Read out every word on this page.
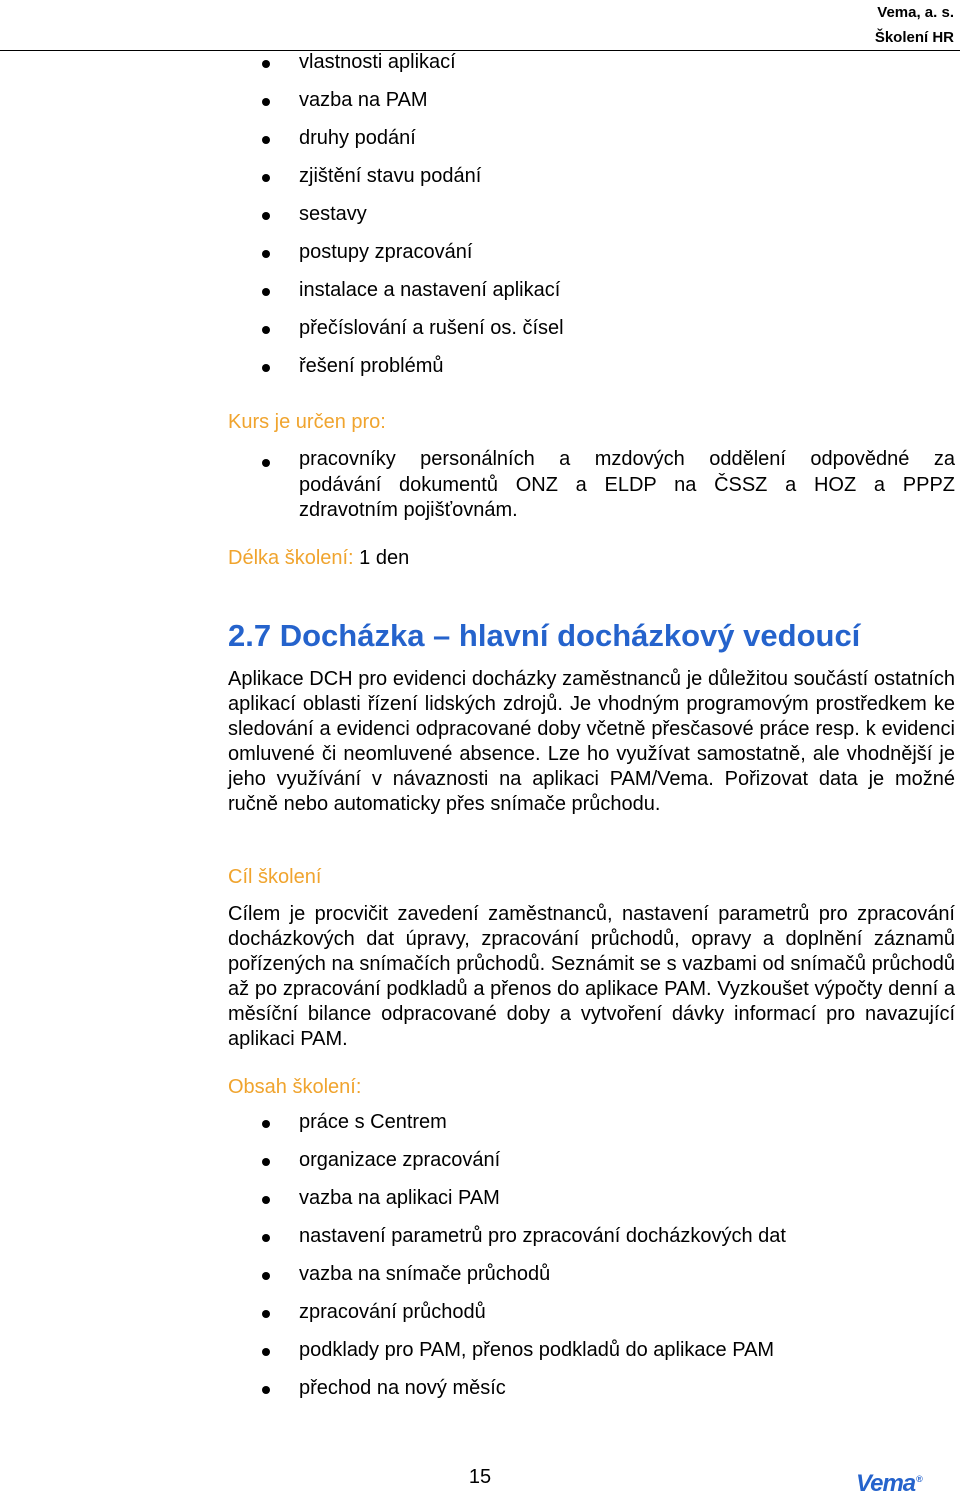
Vema, a. s.
Školení HR
vlastnosti aplikací
vazba na PAM
druhy podání
zjištění stavu podání
sestavy
postupy zpracování
instalace a nastavení aplikací
přečíslování a rušení os. čísel
řešení problémů
Kurs je určen pro:
pracovníky personálních a mzdových oddělení odpovědné za
podávání dokumentů ONZ a ELDP na ČSSZ a HOZ a PPPZ
zdravotním pojišťovnám.
Délka školení: 1 den
2.7 Docházka – hlavní docházkový vedoucí
Aplikace DCH pro evidenci docházky zaměstnanců je důležitou součástí ostatních aplikací oblasti řízení lidských zdrojů. Je vhodným programovým prostředkem ke sledování a evidenci odpracované doby včetně přesčasové práce resp. k evidenci omluvené či neomluvené absence. Lze ho využívat samostatně, ale vhodnější je jeho využívání v návaznosti na aplikaci PAM/Vema. Pořizovat data je možné ručně nebo automaticky přes snímače průchodu.
Cíl školení
Cílem je procvičit zavedení zaměstnanců, nastavení parametrů pro zpracování docházkových dat úpravy, zpracování průchodů, opravy a doplnění záznamů pořízených na snímačích průchodů. Seznámit se s vazbami od snímačů průchodů až po zpracování podkladů a přenos do aplikace PAM. Vyzkoušet výpočty denní a měsíční bilance odpracované doby a vytvoření dávky informací pro navazující aplikaci PAM.
Obsah školení:
práce s Centrem
organizace zpracování
vazba na aplikaci PAM
nastavení parametrů pro zpracování docházkových dat
vazba na snímače průchodů
zpracování průchodů
podklady pro PAM, přenos podkladů do aplikace PAM
přechod na nový měsíc
15	Vema®
